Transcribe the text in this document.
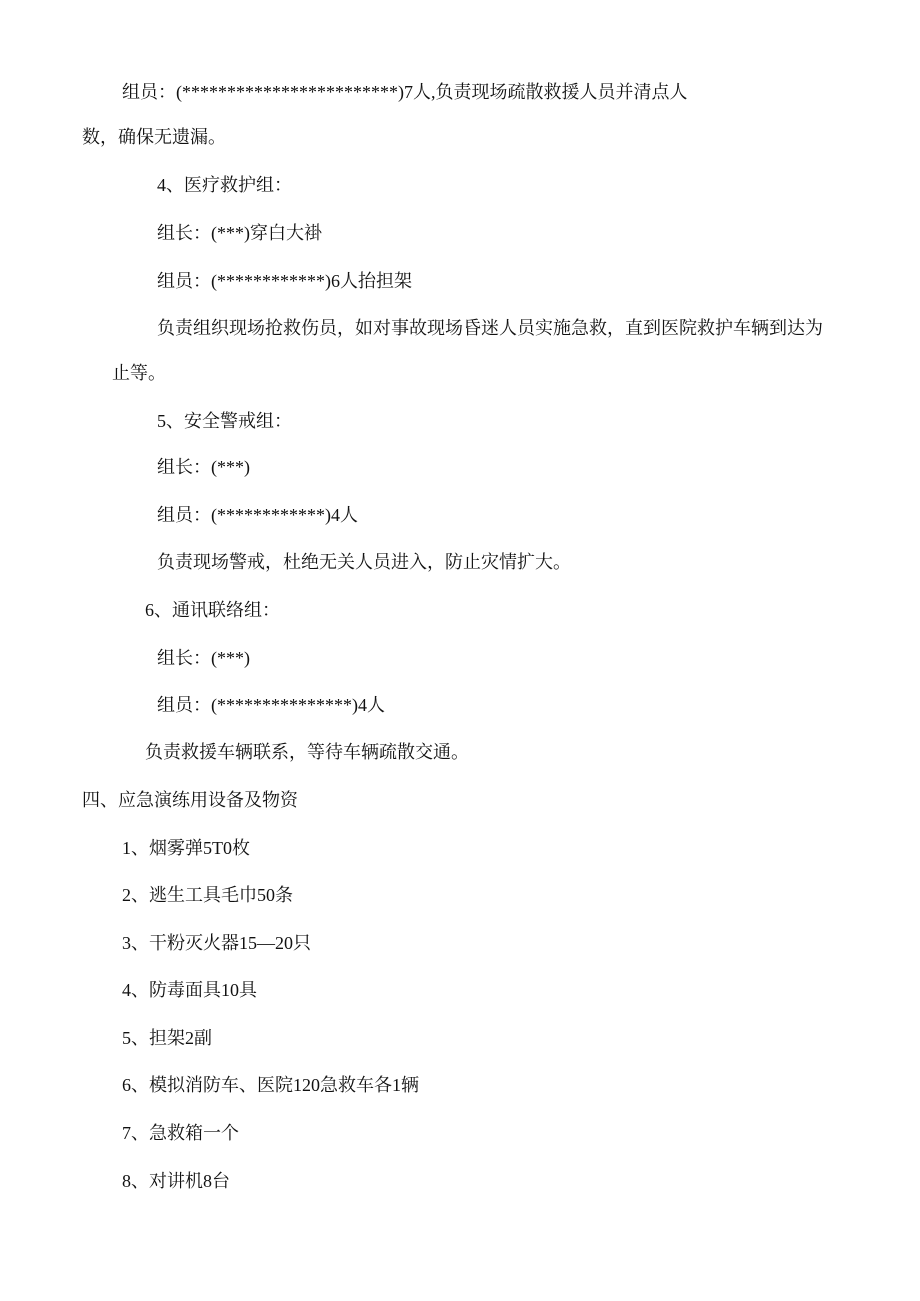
组员：(************************)7人,负责现场疏散救援人员并清点人
数，确保无遗漏。
4、医疗救护组：
组长：(***)穿白大褂
组员：(************)6人抬担架
负责组织现场抢救伤员，如对事故现场昏迷人员实施急救，直到医院救护车辆到达为
止等。
5、安全警戒组：
组长：(***)
组员：(************)4人
负责现场警戒，杜绝无关人员进入，防止灾情扩大。
6、通讯联络组：
组长：(***)
组员：(***************)4人
负责救援车辆联系，等待车辆疏散交通。
四、应急演练用设备及物资
1、烟雾弹5T0枚
2、逃生工具毛巾50条
3、干粉灭火器15—20只
4、防毒面具10具
5、担架2副
6、模拟消防车、医院120急救车各1辆
7、急救箱一个
8、对讲机8台
